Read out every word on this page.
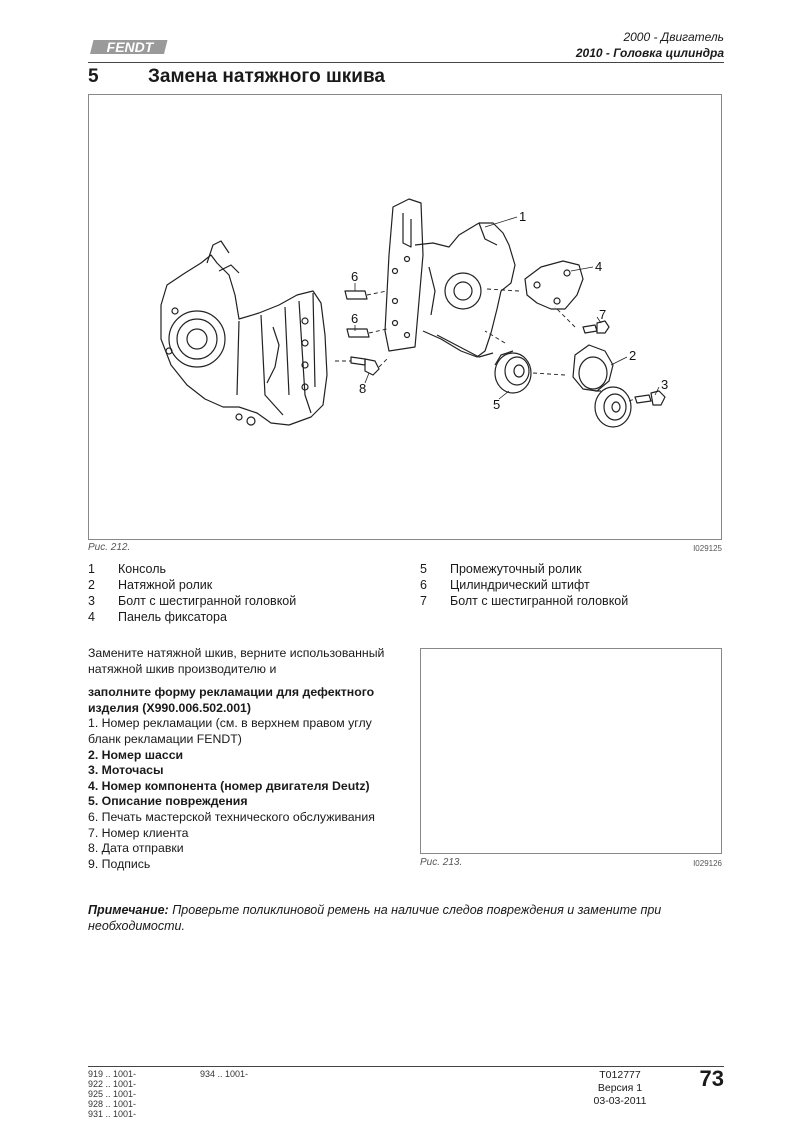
FENDT
2000 - Двигатель
2010 - Головка цилиндра
5	Замена натяжного шкива
1
2
3
4
5
6
6	7
8
Рис. 212.	I029125
1 Консоль
2 Натяжной ролик
3 Болт с шестигранной головкой
4 Панель фиксатора
5 Промежуточный ролик
6 Цилиндрический штифт
7 Болт с шестигранной головкой

Замените натяжной шкив, верните использованный натяжной шкив производителю и

заполните форму рекламации для дефектного изделия (X990.006.502.001)

1. Номер рекламации (см. в верхнем правом углу бланк рекламации FENDT)

2. Номер шасси

3. Моточасы

4. Номер компонента (номер двигателя Deutz)

5. Описание повреждения

6. Печать мастерской технического обслуживания

7. Номер клиента

8. Дата отправки

9. Подпись	Рис. 213.	I029126
Примечание: Проверьте поликлиновой ремень на наличие следов повреждения и замените при необходимости.
919 .. 1001-
922 .. 1001-
925 .. 1001-
928 .. 1001-
931 .. 1001-
934 .. 1001-	T012777
Версия 1
03-03-2011
73
